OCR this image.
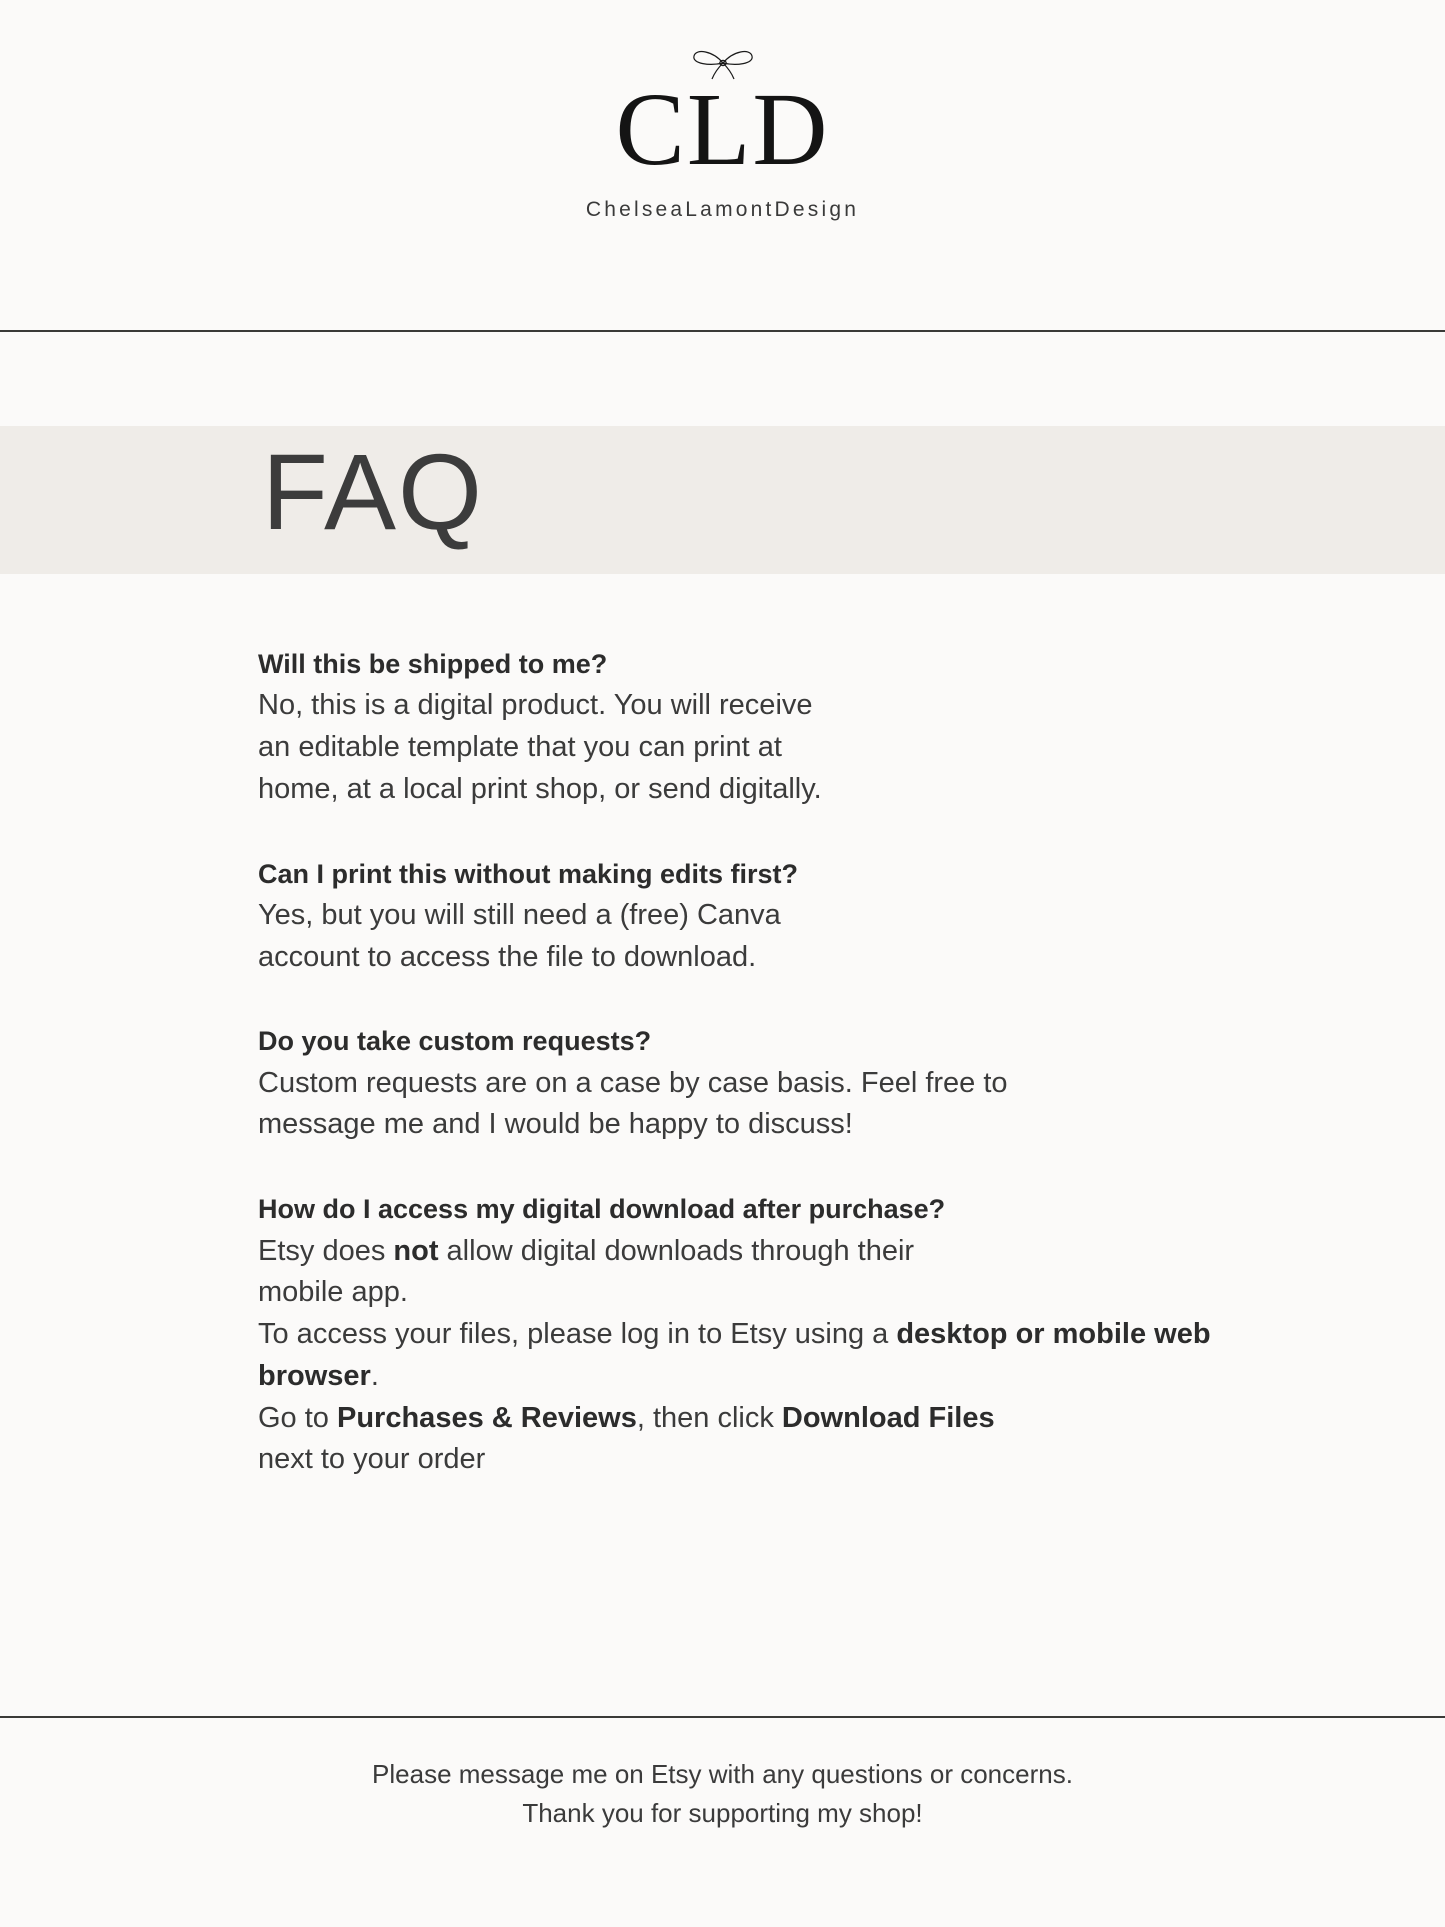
CLD
ChelseaLamontDesign
FAQ
Will this be shipped to me?
No, this is a digital product. You will receive
an editable template that you can print at
home, at a local print shop, or send digitally.
Can I print this without making edits first?
Yes, but you will still need a (free) Canva
account to access the file to download.
Do you take custom requests?
Custom requests are on a case by case basis. Feel free to
message me and I would be happy to discuss!
How do I access my digital download after purchase?
Etsy does not allow digital downloads through their
mobile app.
To access your files, please log in to Etsy using a desktop or mobile web browser.
Go to Purchases & Reviews, then click Download Files
next to your order
Please message me on Etsy with any questions or concerns.
Thank you for supporting my shop!
